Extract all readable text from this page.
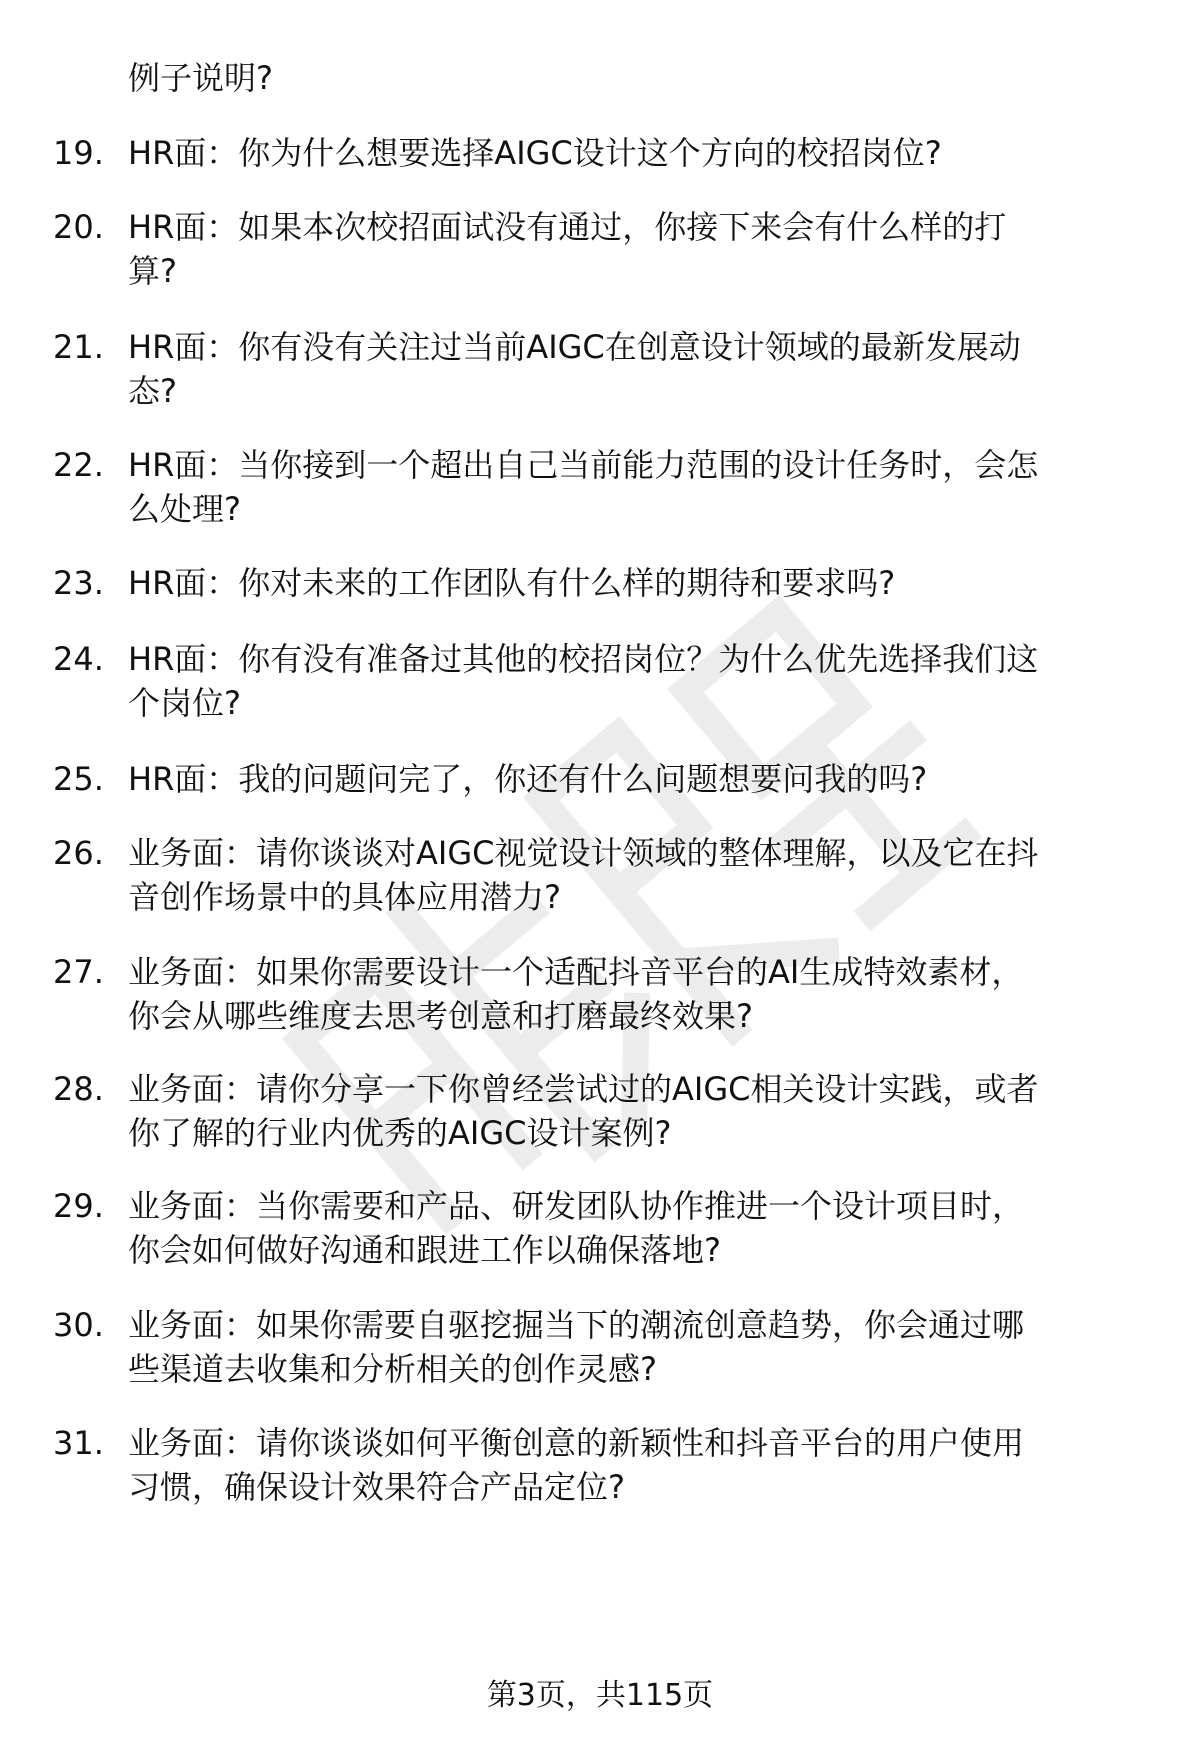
例子说明?
19. HR面：你为什么想要选择AIGC设计这个方向的校招岗位?
20. HR面：如果本次校招面试没有通过，你接下来会有什么样的打
算?
21. HR面：你有没有关注过当前AIGC在创意设计领域的最新发展动
态?
22. HR面：当你接到一个超出自己当前能力范围的设计任务时，会怎
么处理?
23. HR面：你对未来的工作团队有什么样的期待和要求吗?
24. HR面：你有没有准备过其他的校招岗位？为什么优先选择我们这
个岗位?
25. HR面：我的问题问完了，你还有什么问题想要问我的吗?
26. 业务面：请你谈谈对AIGC视觉设计领域的整体理解，以及它在抖
音创作场景中的具体应用潜力?
27. 业务面：如果你需要设计一个适配抖音平台的AI生成特效素材，
你会从哪些维度去思考创意和打磨最终效果?
28. 业务面：请你分享一下你曾经尝试过的AIGC相关设计实践，或者
你了解的行业内优秀的AIGC设计案例?
29. 业务面：当你需要和产品、研发团队协作推进一个设计项目时，
你会如何做好沟通和跟进工作以确保落地?
30. 业务面：如果你需要自驱挖掘当下的潮流创意趋势，你会通过哪
些渠道去收集和分析相关的创作灵感?
31. 业务面：请你谈谈如何平衡创意的新颖性和抖音平台的用户使用
习惯，确保设计效果符合产品定位?
第3页，共115页
